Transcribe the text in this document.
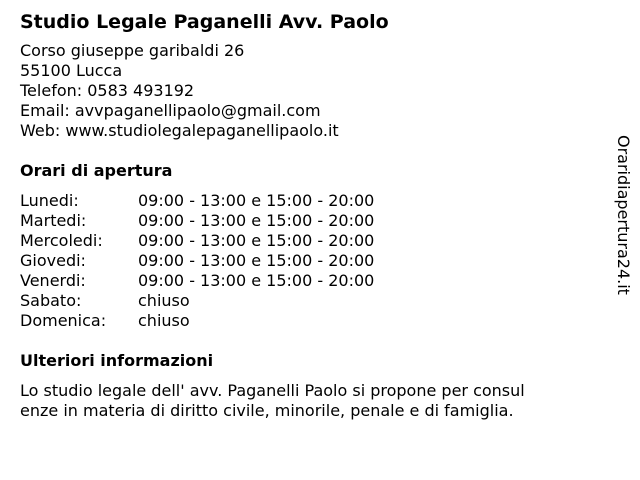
Studio Legale Paganelli Avv. Paolo
Corso giuseppe garibaldi 26
55100 Lucca
Telefon: 0583 493192
Email: avvpaganellipaolo@gmail.com
Web: www.studiolegalepaganellipaolo.it
Orari di apertura
Lunedi:	09:00 - 13:00 e 15:00 - 20:00
Martedi:	09:00 - 13:00 e 15:00 - 20:00
Mercoledi:	09:00 - 13:00 e 15:00 - 20:00
Giovedi:	09:00 - 13:00 e 15:00 - 20:00
Venerdi:	09:00 - 13:00 e 15:00 - 20:00
Sabato:	chiuso
Domenica:	chiuso
Ulteriori informazioni
Lo studio legale dell' avv. Paganelli Paolo si propone per consul
enze in materia di diritto civile, minorile, penale e di famiglia.
Oraridiapertura24.it
